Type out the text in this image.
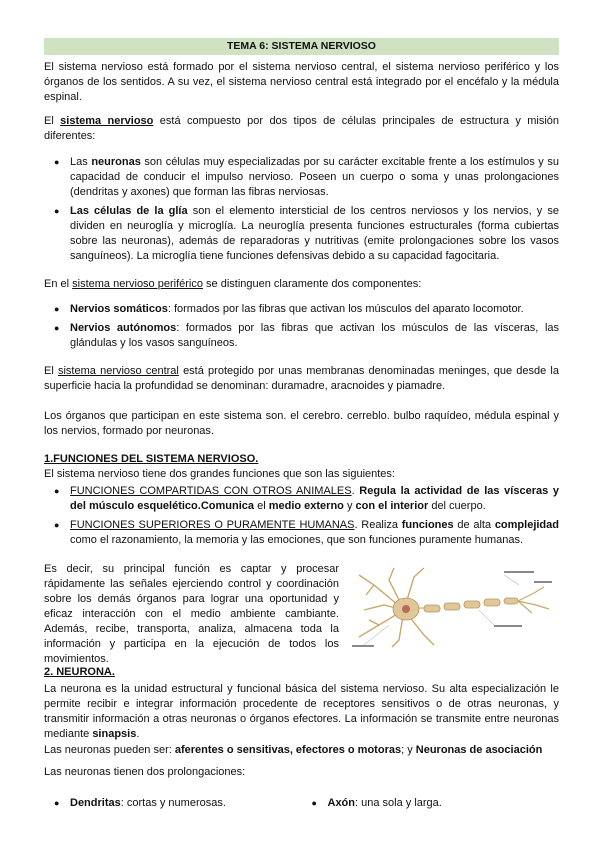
TEMA 6: SISTEMA NERVIOSO
El sistema nervioso está formado por el sistema nervioso central, el sistema nervioso periférico y los órganos de los sentidos. A su vez, el sistema nervioso central está integrado por el encéfalo y la médula espinal.
El sistema nervioso está compuesto por dos tipos de células principales de estructura y misión diferentes:
● Las neuronas son células muy especializadas por su carácter excitable frente a los estímulos y su capacidad de conducir el impulso nervioso. Poseen un cuerpo o soma y unas prolongaciones (dendritas y axones) que forman las fibras nerviosas.
● Las células de la glía son el elemento intersticial de los centros nerviosos y los nervios, y se dividen en neuroglía y microglía. La neuroglía presenta funciones estructurales (forma cubiertas sobre las neuronas), además de reparadoras y nutritivas (emite prolongaciones sobre los vasos sanguíneos). La microglía tiene funciones defensivas debido a su capacidad fagocitaria.
En el sistema nervioso periférico se distinguen claramente dos componentes:
● Nervios somáticos: formados por las fibras que activan los músculos del aparato locomotor.
● Nervios autónomos: formados por las fibras que activan los músculos de las vísceras, las glándulas y los vasos sanguíneos.
El sistema nervioso central está protegido por unas membranas denominadas meninges, que desde la superficie hacia la profundidad se denominan: duramadre, aracnoides y piamadre.
Los órganos que participan en este sistema son. el cerebro. cerreblo. bulbo raquídeo, médula espinal y los nervios, formado por neuronas.
1.FUNCIONES DEL SISTEMA NERVIOSO.
El sistema nervioso tiene dos grandes funciones que son las siguientes:
● FUNCIONES COMPARTIDAS CON OTROS ANIMALES. Regula la actividad de las vísceras y del músculo esquelético.Comunica el medio externo y con el interior del cuerpo.
● FUNCIONES SUPERIORES O PURAMENTE HUMANAS. Realiza funciones de alta complejidad como el razonamiento, la memoria y las emociones, que son funciones puramente humanas.
Es decir, su principal función es captar y procesar rápidamente las señales ejerciendo control y coordinación sobre los demás órganos para lograr una oportunidad y eficaz interacción con el medio ambiente cambiante. Además, recibe, transporta, analiza, almacena toda la información y participa en la ejecución de todos los movimientos.
2. NEURONA.
La neurona es la unidad estructural y funcional básica del sistema nervioso. Su alta especialización le permite recibir e integrar información procedente de receptores sensitivos o de otras neuronas, y transmitir información a otras neuronas o órganos efectores. La información se transmite entre neuronas mediante sinapsis.
Las neuronas pueden ser: aferentes o sensitivas, efectores o motoras; y Neuronas de asociación
Las neuronas tienen dos prolongaciones:
● Dendritas: cortas y numerosas.	● Axón: una sola y larga.
